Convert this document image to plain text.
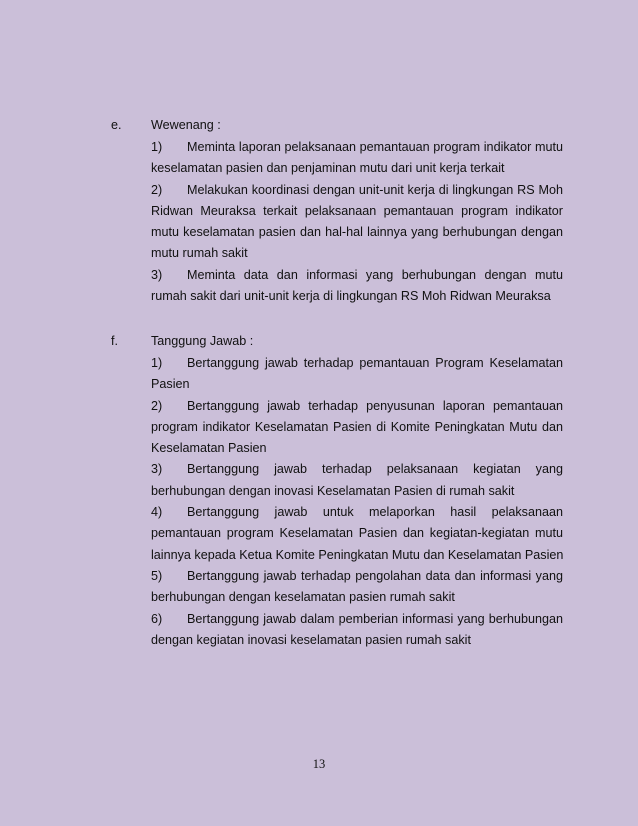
e. Wewenang :
1)	Meminta laporan pelaksanaan pemantauan program indikator mutu
keselamatan pasien dan penjaminan mutu dari unit kerja terkait
2)	Melakukan koordinasi dengan unit-unit kerja di lingkungan RS Moh
Ridwan Meuraksa terkait pelaksanaan pemantauan program indikator
mutu keselamatan pasien dan hal-hal lainnya yang berhubungan dengan
mutu rumah sakit
3)	Meminta data dan informasi yang berhubungan dengan mutu
rumah sakit dari unit-unit kerja di lingkungan RS Moh Ridwan Meuraksa
f.	Tanggung Jawab :
1)	Bertanggung jawab terhadap pemantauan Program Keselamatan
Pasien
2)	Bertanggung jawab terhadap penyusunan laporan pemantauan
program indikator Keselamatan Pasien di Komite Peningkatan Mutu dan
Keselamatan Pasien
3)	Bertanggung jawab terhadap pelaksanaan kegiatan yang
berhubungan dengan inovasi Keselamatan Pasien di rumah sakit
4)	Bertanggung jawab untuk melaporkan hasil pelaksanaan
pemantauan program Keselamatan Pasien dan kegiatan-kegiatan mutu
lainnya kepada Ketua Komite Peningkatan Mutu dan Keselamatan Pasien
5)	Bertanggung jawab terhadap pengolahan data dan informasi yang
berhubungan dengan keselamatan pasien rumah sakit
6)	Bertanggung jawab dalam pemberian informasi yang berhubungan
dengan kegiatan inovasi keselamatan pasien rumah sakit
13
